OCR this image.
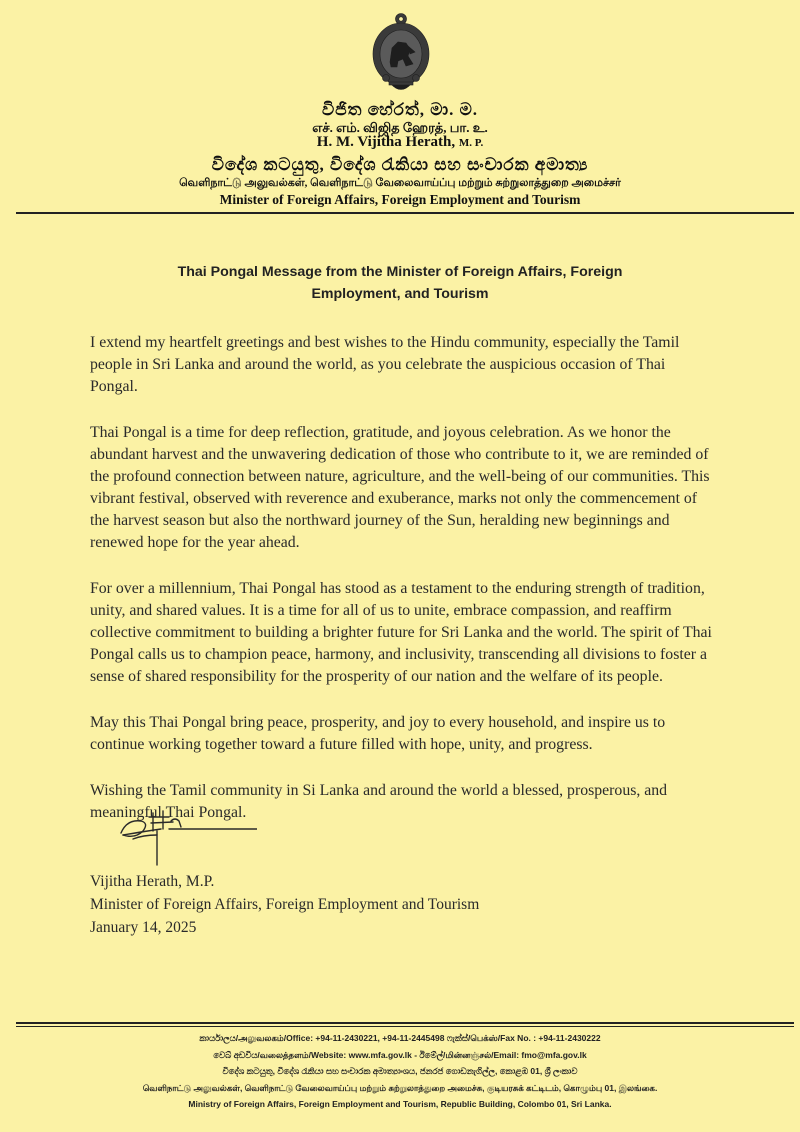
විජිත හේරත්, මා. ම.
எச். எம். விஜித ஹேரத், பா. உ.
H. M. Vijitha Herath, M. P.
විදේශ කටයුතු, විදේශ රැකියා සහ සංචාරක අමාත්‍ය
வெளிநாட்டு அலுவல்கள், வெளிநாட்டு வேலைவாய்ப்பு மற்றும் சுற்றுலாத்துறை அமைச்சர்
Minister of Foreign Affairs, Foreign Employment and Tourism
Thai Pongal Message from the Minister of Foreign Affairs, Foreign Employment, and Tourism

I extend my heartfelt greetings and best wishes to the Hindu community, especially the Tamil people in Sri Lanka and around the world, as you celebrate the auspicious occasion of Thai Pongal.

Thai Pongal is a time for deep reflection, gratitude, and joyous celebration. As we honor the abundant harvest and the unwavering dedication of those who contribute to it, we are reminded of the profound connection between nature, agriculture, and the well-being of our communities. This vibrant festival, observed with reverence and exuberance, marks not only the commencement of the harvest season but also the northward journey of the Sun, heralding new beginnings and renewed hope for the year ahead.

For over a millennium, Thai Pongal has stood as a testament to the enduring strength of tradition, unity, and shared values. It is a time for all of us to unite, embrace compassion, and reaffirm collective commitment to building a brighter future for Sri Lanka and the world. The spirit of Thai Pongal calls us to champion peace, harmony, and inclusivity, transcending all divisions to foster a sense of shared responsibility for the prosperity of our nation and the welfare of its people.

May this Thai Pongal bring peace, prosperity, and joy to every household, and inspire us to continue working together toward a future filled with hope, unity, and progress.

Wishing the Tamil community in Si Lanka and around the world a blessed, prosperous, and meaningful Thai Pongal.

Vijitha Herath, M.P.
Minister of Foreign Affairs, Foreign Employment and Tourism
January 14, 2025
කාර්යාලය/அலுவலகம்/Office: +94-11-2430221, +94-11-2445498 ෆැක්ස්/பெக்ஸ்/Fax No. : +94-11-2430222
වෙබ් අඩවිය/வலைத்தளம்/Website: www.mfa.gov.lk - ඊමේල්/மின்னஞ்சல்/Email: fmo@mfa.gov.lk
විදේශ කටයුතු, විදේශ රැකියා සහ සංචාරක අමාත්‍යාංශය, ජනරජ ගොඩනැගිල්ල, කොළඹ 01, ශ්‍රී ලංකාව
வெளிநாட்டு அலுவல்கள், வெளிநாட்டு வேலைவாய்ப்பு மற்றும் சுற்றுலாத்துறை அமைச்சு, குடியரசுக் கட்டிடம், கொழும்பு 01, இலங்கை.
Ministry of Foreign Affairs, Foreign Employment and Tourism, Republic Building, Colombo 01, Sri Lanka.
